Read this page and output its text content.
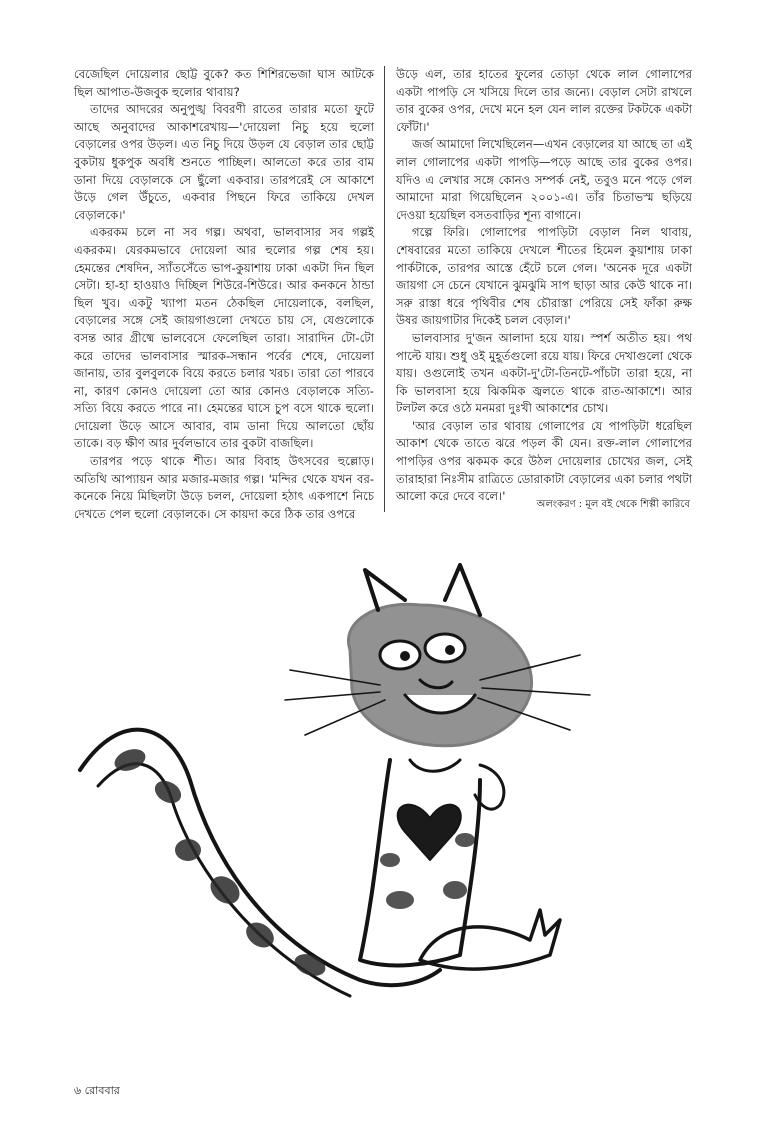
বেজেছিল দোয়েলার ছোট্ট বুকে? কত শিশিরভেজা ঘাস আটকে ছিল আপাত-উজবুক হুলোর থাবায়?

তাদের আদরের অনুপুঙ্খ বিবরণী রাতের তারার মতো ফুটে আছে অনুবাদের আকাশরেখায়—'দোয়েলা নিচু হয়ে হুলো বেড়ালের ওপর উড়ল। এত নিচু দিয়ে উড়ল যে বেড়াল তার ছোট্ট বুকটায় ধুকপুক অবধি শুনতে পাচ্ছিল। আলতো করে তার বাম ডানা দিয়ে বেড়ালকে সে ছুঁলো একবার। তারপরেই সে আকাশে উড়ে গেল উঁচুতে, একবার পিছনে ফিরে তাকিয়ে দেখল বেড়ালকে।'

একরকম চলে না সব গল্প। অথবা, ভালবাসার সব গল্পই একরকম। যেরকমভাবে দোয়েলা আর হুলোর গল্প শেষ হয়। হেমন্তের শেষদিন, স্যাঁতসেঁতে ভাপ-কুয়াশায় ঢাকা একটা দিন ছিল সেটা। হা-হা হাওয়াও দিচ্ছিল শিউরে-শিউরে। আর কনকনে ঠান্ডা ছিল খুব। একটু খ্যাপা মতন ঠেকছিল দোয়েলাকে, বলছিল, বেড়ালের সঙ্গে সেই জায়গাগুলো দেখতে চায় সে, যেগুলোকে বসন্ত আর গ্রীষ্মে ভালবেসে ফেলেছিল তারা। সারাদিন টো-টো করে তাদের ভালবাসার স্মারক-সন্ধান পর্বের শেষে, দোয়েলা জানায়, তার বুলবুলকে বিয়ে করতে চলার খরচ। তারা তো পারবে না, কারণ কোনও দোয়েলা তো আর কোনও বেড়ালকে সত্যি-সত্যি বিয়ে করতে পারে না। হেমন্তের ঘাসে চুপ বসে থাকে হুলো। দোয়েলা উড়ে আসে আবার, বাম ডানা দিয়ে আলতো ছোঁয় তাকে। বড় ক্ষীণ আর দুর্বলভাবে তার বুকটা বাজছিল।

তারপর পড়ে থাকে শীত। আর বিবাহ উৎসবের হুল্লোড়। অতিথি আপ্যায়ন আর মজার-মজার গল্প। 'মন্দির থেকে যখন বর-কনেকে নিয়ে মিছিলটা উড়ে চলল, দোয়েলা হঠাৎ একপাশে নিচে দেখতে পেল হুলো বেড়ালকে। সে কায়দা করে ঠিক তার ওপরে

উড়ে এল, তার হাতের ফুলের তোড়া থেকে লাল গোলাপের একটা পাপড়ি সে খসিয়ে দিলে তার জন্যে। বেড়াল সেটা রাখলে তার বুকের ওপর, দেখে মনে হল যেন লাল রক্তের টকটকে একটা ফোঁটা।'

জর্জ আমাদো লিখেছিলেন—এখন বেড়ালের যা আছে তা এই লাল গোলাপের একটা পাপড়ি—পড়ে আছে তার বুকের ওপর। যদিও এ লেখার সঙ্গে কোনও সম্পর্ক নেই, তবুও মনে পড়ে গেল আমাদো মারা গিয়েছিলেন ২০০১-এ। তাঁর চিতাভস্ম ছড়িয়ে দেওয়া হয়েছিল বসতবাড়ির শূন্য বাগানে।

গল্পে ফিরি। গোলাপের পাপড়িটা বেড়াল নিল থাবায়, শেষবারের মতো তাকিয়ে দেখলে শীতের হিমেল কুয়াশায় ঢাকা পার্কটাকে, তারপর আস্তে হেঁটে চলে গেল। 'অনেক দূরে একটা জায়গা সে চেনে যেখানে ঝুমঝুমি সাপ ছাড়া আর কেউ থাকে না। সরু রাস্তা ধরে পৃথিবীর শেষ চৌরাস্তা পেরিয়ে সেই ফাঁকা রুক্ষ উষর জায়গাটার দিকেই চলল বেড়াল।'

ভালবাসার দু'জন আলাদা হয়ে যায়। স্পর্শ অতীত হয়। পথ পাল্টে যায়। শুধু ওই মুহূর্তগুলো রয়ে যায়। ফিরে দেখাগুলো থেকে যায়। ওগুলোই তখন একটা-দু'টো-তিনটে-পাঁচটা তারা হয়ে, না কি ভালবাসা হয়ে ঝিকমিক জ্বলতে থাকে রাত-আকাশে। আর টলটল করে ওঠে মনমরা দুঃখী আকাশের চোখ।

'আর বেড়াল তার থাবায় গোলাপের যে পাপড়িটা ধরেছিল আকাশ থেকে তাতে ঝরে পড়ল কী যেন। রক্ত-লাল গোলাপের পাপড়ির ওপর ঝকমক করে উঠল দোয়েলার চোখের জল, সেই তারাহারা নিঃসীম রাত্রিতে ডোরাকাটা বেড়ালের একা চলার পথটা আলো করে দেবে বলে।'

অলংকরণ : মূল বই থেকে শিল্পী কারিবে
৬ রোববার
